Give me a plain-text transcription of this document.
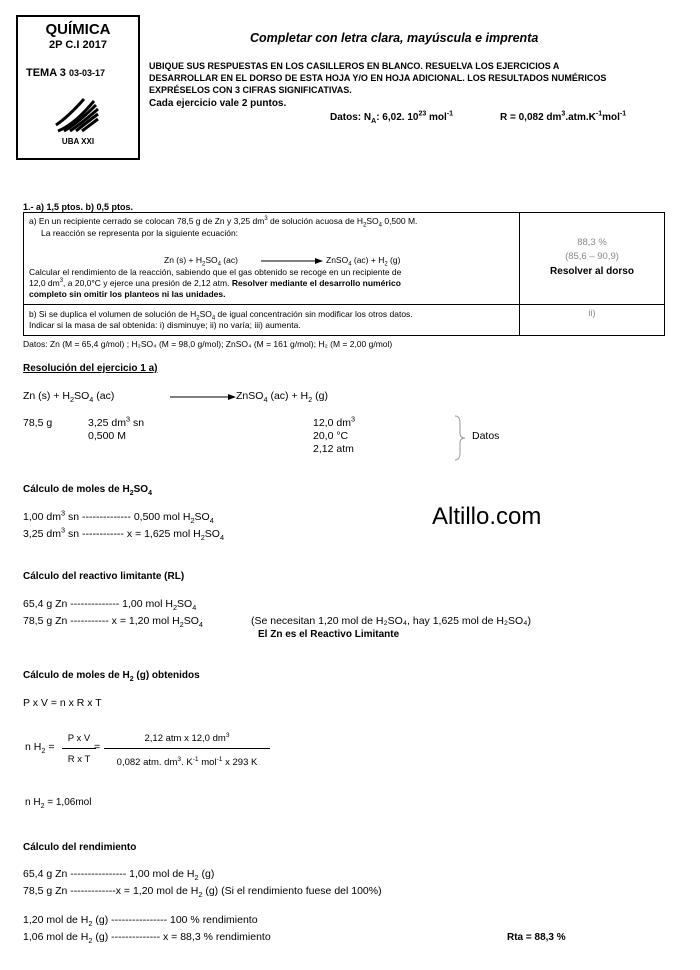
QUÍMICA
2P C.I 2017
TEMA 3 03-03-17
UBA XXI
Completar con letra clara, mayúscula e imprenta
UBIQUE SUS RESPUESTAS EN LOS CASILLEROS EN BLANCO. RESUELVA LOS EJERCICIOS A
DESARROLLAR EN EL DORSO DE ESTA HOJA Y/O EN HOJA ADICIONAL. LOS RESULTADOS NUMÉRICOS
EXPRÉSELOS CON 3 CIFRAS SIGNIFICATIVAS.
Cada ejercicio vale 2 puntos.
Datos: $N_A$: 6,02. $10^{23}$ mol$^{-1}$	R = 0,082 $dm^3.atm.K^{-1}mol^{-1}$
1.- a) 1,5 ptos. b) 0,5 ptos.
a) En un recipiente cerrado se colocan 78,5 g de Zn y 3,25 $dm^3$ de solución acuosa de $H_2SO_4$ 0,500 M.
La reacción se representa por la siguiente ecuación:
Zn $(s) + H_2SO_4$ (ac)	ZnSO$_4$ $(ac) + H_2$ (g)
Calcular el rendimiento de la reacción, sabiendo que el gas obtenido se recoge en un recipiente de
12,0 $dm^3$, a 20,0°C y ejerce una presión de 2,12 atm. Resolver mediante el desarrollo numérico
completo sin omitir los planteos ni las unidades.
88,3 %
(85,6 – 90,9)
Resolver al dorso
b) Si se duplica el volumen de solución de $H_2SO_4$ de igual concentración sin modificar los otros datos.
Indicar si la masa de sal obtenida: i) disminuye; ii) no varía; iii) aumenta.
ii)
Datos: Zn (M = 65,4 g/mol) ; H₂SO₄ (M = 98,0 g/mol); ZnSO₄ (M = 161 g/mol); H₂ (M = 2,00 g/mol)
Resolución del ejercicio 1 a)
Zn $(s) + H_2SO_4$ (ac)	ZnSO$_4$ $(ac) + H_2$ (g)
78,5 g	3,25 $dm^3$ sn
0,500 M
12,0 $dm^3$
20,0 °C
2,12 atm
Datos
Cálculo de moles de $H_2SO_4$
1,00 $dm^3$ sn -------------- 0,500 mol $H_2SO_4$
3,25 $dm^3$ sn ------------ x = 1,625 mol $H_2SO_4$
Altillo.com
Cálculo del reactivo limitante (RL)
65,4 g Zn -------------- 1,00 mol $H_2SO_4$
78,5 g Zn ----------- x = 1,20 mol $H_2SO_4$	(Se necesitan 1,20 mol de H₂SO₄, hay 1,625 mol de H₂SO₄)
El Zn es el Reactivo Limitante
Cálculo de moles de $H_2$ (g) obtenidos
P x V = n x R x T
n $H_2$ =
P x V
R x T
=
2,12 atm x 12,0 $dm^3$
0,082 atm. $dm^3$. $K^{-1}$ mol$^{-1}$ x 293 K
n $H_2 = 1,06mol$
Cálculo del rendimiento
65,4 g Zn ---------------- 1,00 mol de $H_2$ (g)
78,5 g Zn -------------x = 1,20 mol de $H_2$ (g) (Si el rendimiento fuese del 100%)
1,20 mol de $H_2$ (g) ---------------- 100 % rendimiento
1,06 mol de $H_2$ (g) -------------- x = 88,3 % rendimiento	Rta = 88,3 %
